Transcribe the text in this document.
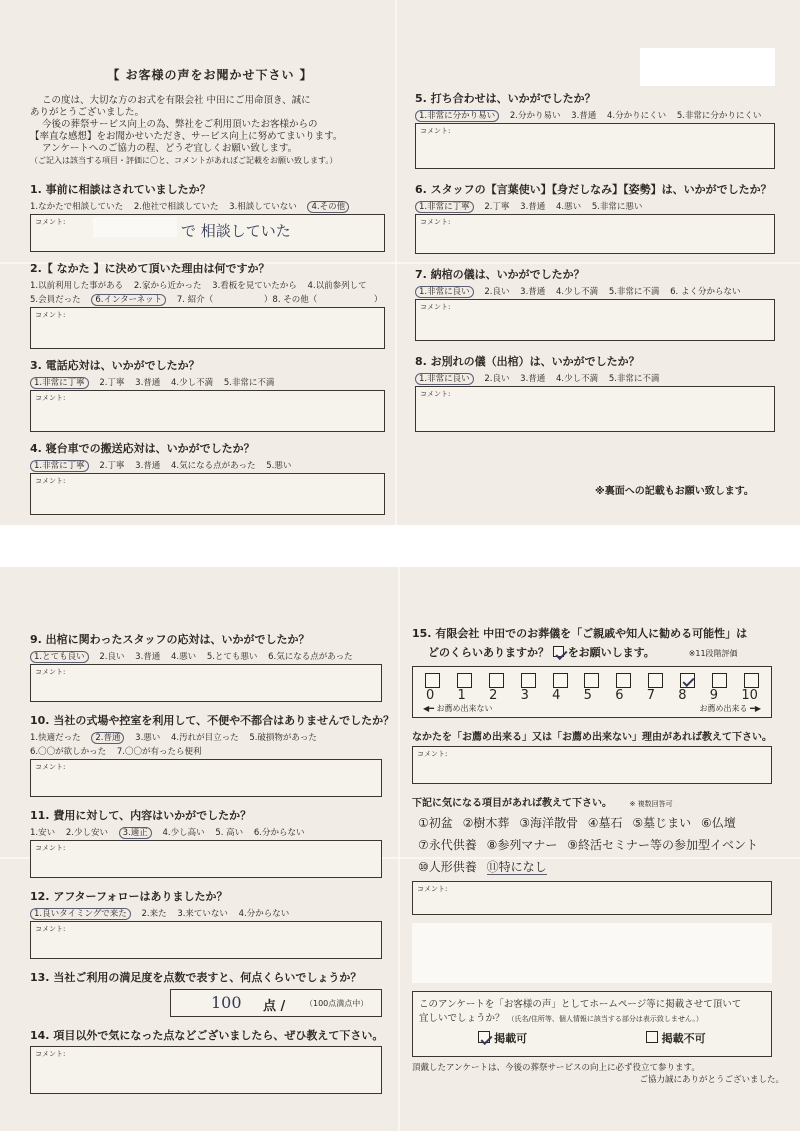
【 お客様の声をお聞かせ下さい 】
この度は、大切な方のお式を有限会社 中田にご用命頂き、誠に
ありがとうございました。
今後の葬祭サービス向上の為、弊社をご利用頂いたお客様からの
【率直な感想】をお聞かせいただき、サービス向上に努めてまいります。
アンケートへのご協力の程、どうぞ宜しくお願い致します。
（ご記入は該当する項目・評価に〇と、コメントがあればご記載をお願い致します。）
1. 事前に相談はされていましたか？
1.なかたで相談していた 2.他社で相談していた 3.相談していない 4.その他
コメント:	で 相談していた
2.【 なかた 】に決めて頂いた理由は何ですか？
1.以前利用した事がある 2.家から近かった 3.看板を見ていたから 4.以前参列して
5.会員だった 6.インターネット 7. 紹介（	）8. その他（	）
コメント:
3. 電話応対は、いかがでしたか？
1.非常に丁寧 2.丁寧 3.普通 4.少し不満 5.非常に不満
コメント:
4. 寝台車での搬送応対は、いかがでしたか？
1.非常に丁寧 2.丁寧 3.普通 4.気になる点があった 5.悪い
コメント:
5. 打ち合わせは、いかがでしたか？
1.非常に分かり易い 2.分かり易い 3.普通 4.分かりにくい 5.非常に分かりにくい
コメント:
6. スタッフの【言葉使い】【身だしなみ】【姿勢】は、いかがでしたか？
1.非常に丁寧 2.丁寧 3.普通 4.悪い 5.非常に悪い
コメント:
7. 納棺の儀は、いかがでしたか？
1.非常に良い 2.良い 3.普通 4.少し不満 5.非常に不満 6. よく分からない
コメント:
8. お別れの儀（出棺）は、いかがでしたか？
1.非常に良い 2.良い 3.普通 4.少し不満 5.非常に不満
コメント:
※裏面への記載もお願い致します。
9. 出棺に関わったスタッフの応対は、いかがでしたか？
1.とても良い 2.良い 3.普通 4.悪い 5.とても悪い 6.気になる点があった
コメント:
10. 当社の式場や控室を利用して、不便や不都合はありませんでしたか？
1.快適だった 2.普通 3.悪い 4.汚れが目立った 5.破損物があった
6.〇〇が欲しかった 7.〇〇が有ったら便利
コメント:
11. 費用に対して、内容はいかがでしたか？
1.安い 2.少し安い 3.適正 4.少し高い 5. 高い 6.分からない
コメント:
12. アフターフォローはありましたか？
1.良いタイミングで来た 2.来た 3.来ていない 4.分からない
コメント:
13. 当社ご利用の満足度を点数で表すと、何点くらいでしょうか？
100 点 / （100点満点中）
14. 項目以外で気になった点などございましたら、ぜひ教えて下さい。
コメント:
15. 有限会社 中田でのお葬儀を「ご親戚や知人に勧める可能性」は
どのくらいありますか？ をお願いします。	※11段階評価
0 1 2 3 4 5 6 7 8 9 10
◀━ お薦め出来ない	お薦め出来る ━▶
なかたを「お薦め出来る」又は「お薦め出来ない」理由があれば教えて下さい。
コメント:
下記に気になる項目があれば教えて下さい。 ※ 複数回答可
①初盆 ②樹木葬 ③海洋散骨 ④墓石 ⑤墓じまい ⑥仏壇
⑦永代供養 ⑧参列マナー ⑨終活セミナー等の参加型イベント
⑩人形供養 ⑪特になし
コメント:
このアンケートを「お客様の声」としてホームページ等に掲載させて頂いて
宜しいでしょうか？ （氏名/住所等、個人情報に該当する部分は表示致しません。）
掲載可	掲載不可
頂戴したアンケートは、今後の葬祭サービスの向上に必ず役立て参ります。
ご協力誠にありがとうございました。
